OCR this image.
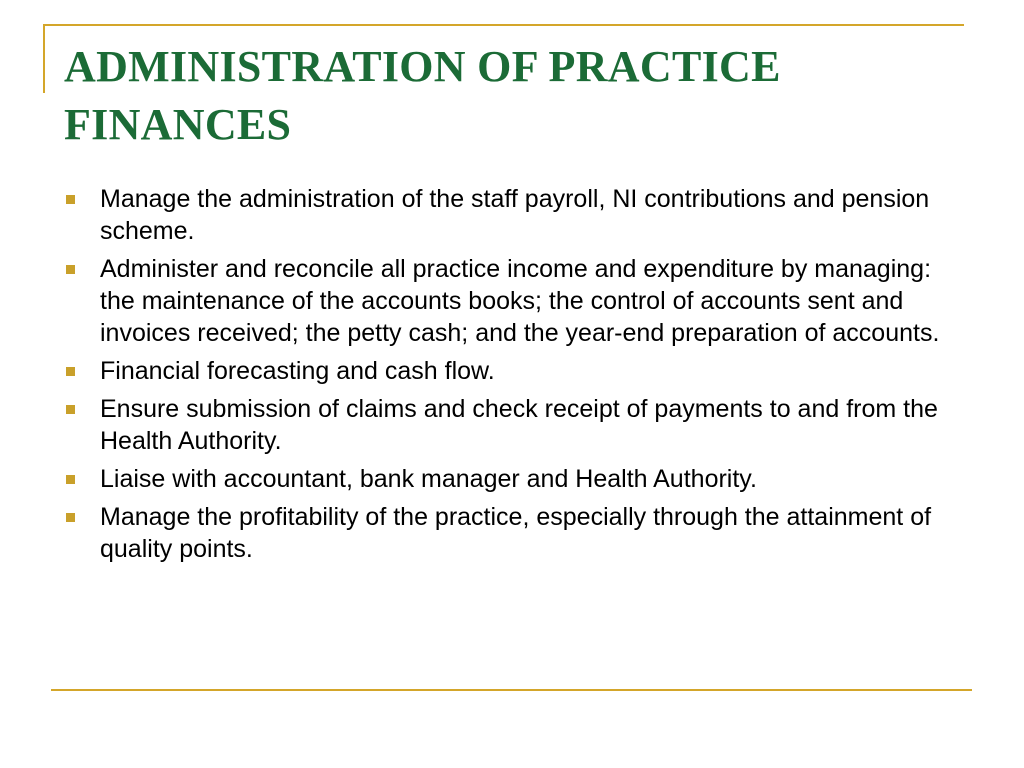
ADMINISTRATION OF PRACTICE FINANCES
Manage the administration of the staff payroll, NI contributions and pension scheme.
Administer and reconcile all practice income and expenditure by managing: the maintenance of the accounts books; the control of accounts sent and invoices received; the petty cash; and the year-end preparation of accounts.
Financial forecasting and cash flow.
Ensure submission of claims and check receipt of payments to and from the Health Authority.
Liaise with accountant, bank manager and Health Authority.
Manage the profitability of the practice, especially through the attainment of quality points.
